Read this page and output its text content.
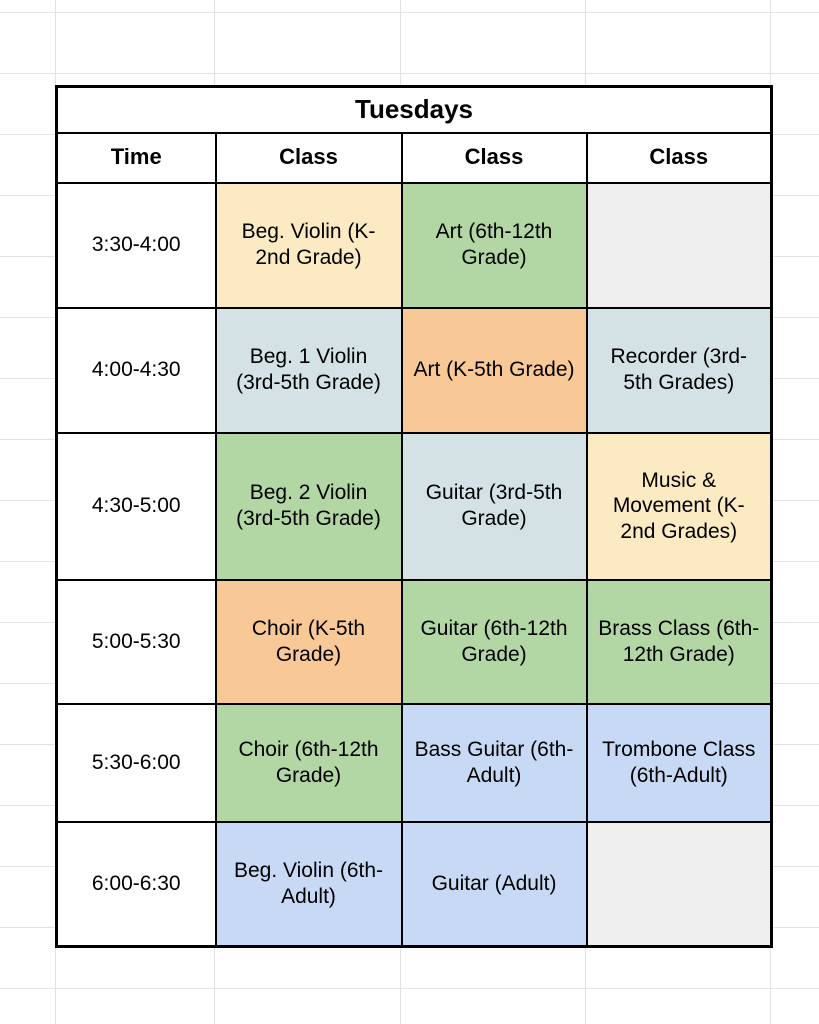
Tuesdays			
Time	Class	Class	Class
3:30-4:00	Beg. Violin (K-2nd Grade)	Art (6th-12th Grade)	
4:00-4:30	Beg. 1 Violin (3rd-5th Grade)	Art (K-5th Grade)	Recorder (3rd-5th Grades)
4:30-5:00	Beg. 2 Violin (3rd-5th Grade)	Guitar (3rd-5th Grade)	Music & Movement (K-2nd Grades)
5:00-5:30	Choir (K-5th Grade)	Guitar (6th-12th Grade)	Brass Class (6th-12th Grade)
5:30-6:00	Choir (6th-12th Grade)	Bass Guitar (6th-Adult)	Trombone Class (6th-Adult)
6:00-6:30	Beg. Violin (6th-Adult)	Guitar (Adult)	
